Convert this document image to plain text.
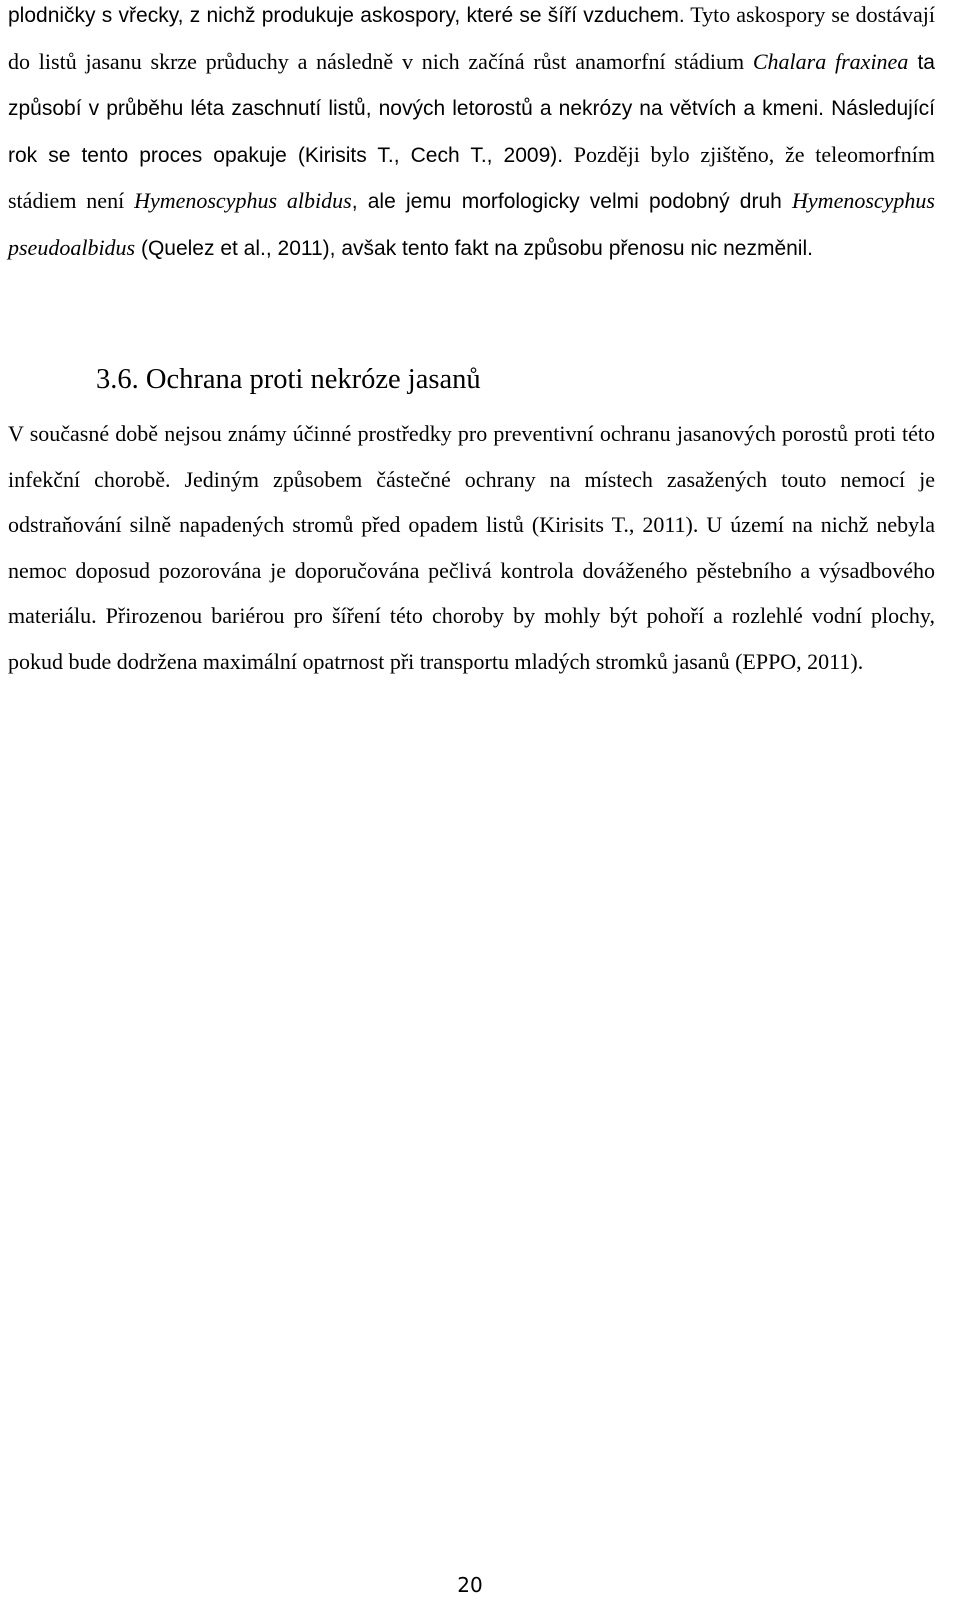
plodničky s vřecky, z nichž produkuje askospory, které se šíří vzduchem. Tyto askospory se dostávají do listů jasanu skrze průduchy a následně v nich začíná růst anamorfní stádium Chalara fraxinea ta způsobí v průběhu léta zaschnutí listů, nových letorostů a nekrózy na větvích a kmeni. Následující rok se tento proces opakuje (Kirisits T., Cech T., 2009). Později bylo zjištěno, že teleomorfním stádiem není Hymenoscyphus albidus, ale jemu morfologicky velmi podobný druh Hymenoscyphus pseudoalbidus (Quelez et al., 2011), avšak tento fakt na způsobu přenosu nic nezměnil.

3.6. Ochrana proti nekróze jasanů

V současné době nejsou známy účinné prostředky pro preventivní ochranu jasanových porostů proti této infekční chorobě. Jediným způsobem částečné ochrany na místech zasažených touto nemocí je odstraňování silně napadených stromů před opadem listů (Kirisits T., 2011). U území na nichž nebyla nemoc doposud pozorována je doporučována pečlivá kontrola dováženého pěstebního a výsadbového materiálu. Přirozenou bariérou pro šíření této choroby by mohly být pohoří a rozlehlé vodní plochy, pokud bude dodržena maximální opatrnost při transportu mladých stromků jasanů (EPPO, 2011).

20
